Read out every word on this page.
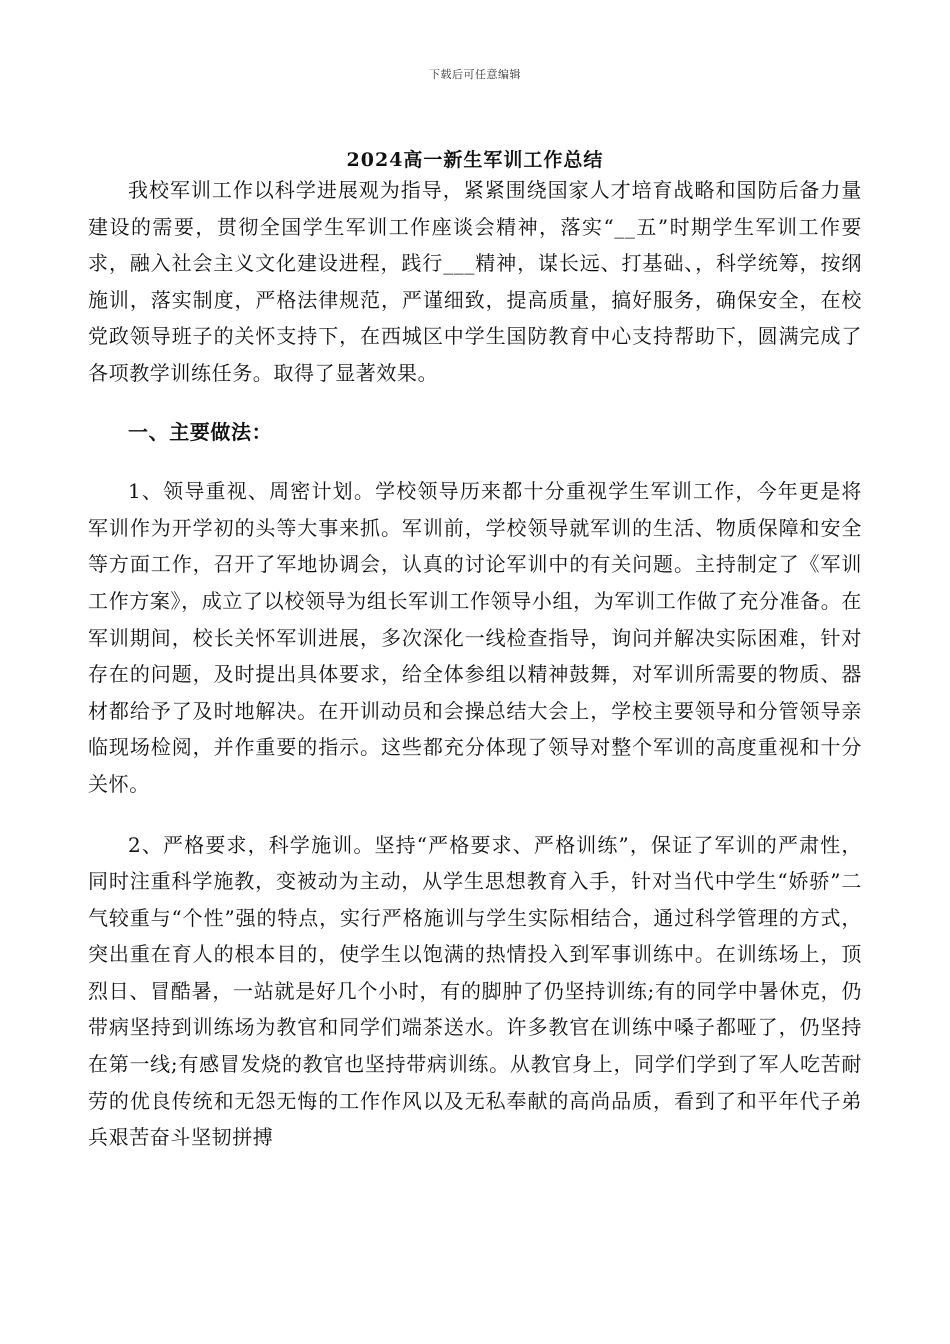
下载后可任意编辑
2024高一新生军训工作总结

我校军训工作以科学进展观为指导，紧紧围绕国家人才培育战略和国防后备力量建设的需要，贯彻全国学生军训工作座谈会精神，落实“__五”时期学生军训工作要求，融入社会主义文化建设进程，践行___精神，谋长远、打基础、，科学统筹，按纲施训，落实制度，严格法律规范，严谨细致，提高质量，搞好服务，确保安全，在校党政领导班子的关怀支持下，在西城区中学生国防教育中心支持帮助下，圆满完成了各项教学训练任务。取得了显著效果。

一、主要做法：

1、领导重视、周密计划。学校领导历来都十分重视学生军训工作，今年更是将军训作为开学初的头等大事来抓。军训前，学校领导就军训的生活、物质保障和安全等方面工作，召开了军地协调会，认真的讨论军训中的有关问题。主持制定了《军训工作方案》，成立了以校领导为组长军训工作领导小组，为军训工作做了充分准备。在军训期间，校长关怀军训进展，多次深化一线检查指导，询问并解决实际困难，针对存在的问题，及时提出具体要求，给全体参组以精神鼓舞，对军训所需要的物质、器材都给予了及时地解决。在开训动员和会操总结大会上，学校主要领导和分管领导亲临现场检阅，并作重要的指示。这些都充分体现了领导对整个军训的高度重视和十分关怀。

2、严格要求，科学施训。坚持“严格要求、严格训练”，保证了军训的严肃性，同时注重科学施教，变被动为主动，从学生思想教育入手，针对当代中学生“娇骄”二气较重与“个性”强的特点，实行严格施训与学生实际相结合，通过科学管理的方式，突出重在育人的根本目的，使学生以饱满的热情投入到军事训练中。在训练场上，顶烈日、冒酷暑，一站就是好几个小时，有的脚肿了仍坚持训练;有的同学中暑休克，仍带病坚持到训练场为教官和同学们端茶送水。许多教官在训练中嗓子都哑了，仍坚持在第一线;有感冒发烧的教官也坚持带病训练。从教官身上，同学们学到了军人吃苦耐劳的优良传统和无怨无悔的工作作风以及无私奉献的高尚品质，看到了和平年代子弟兵艰苦奋斗坚韧拼搏
